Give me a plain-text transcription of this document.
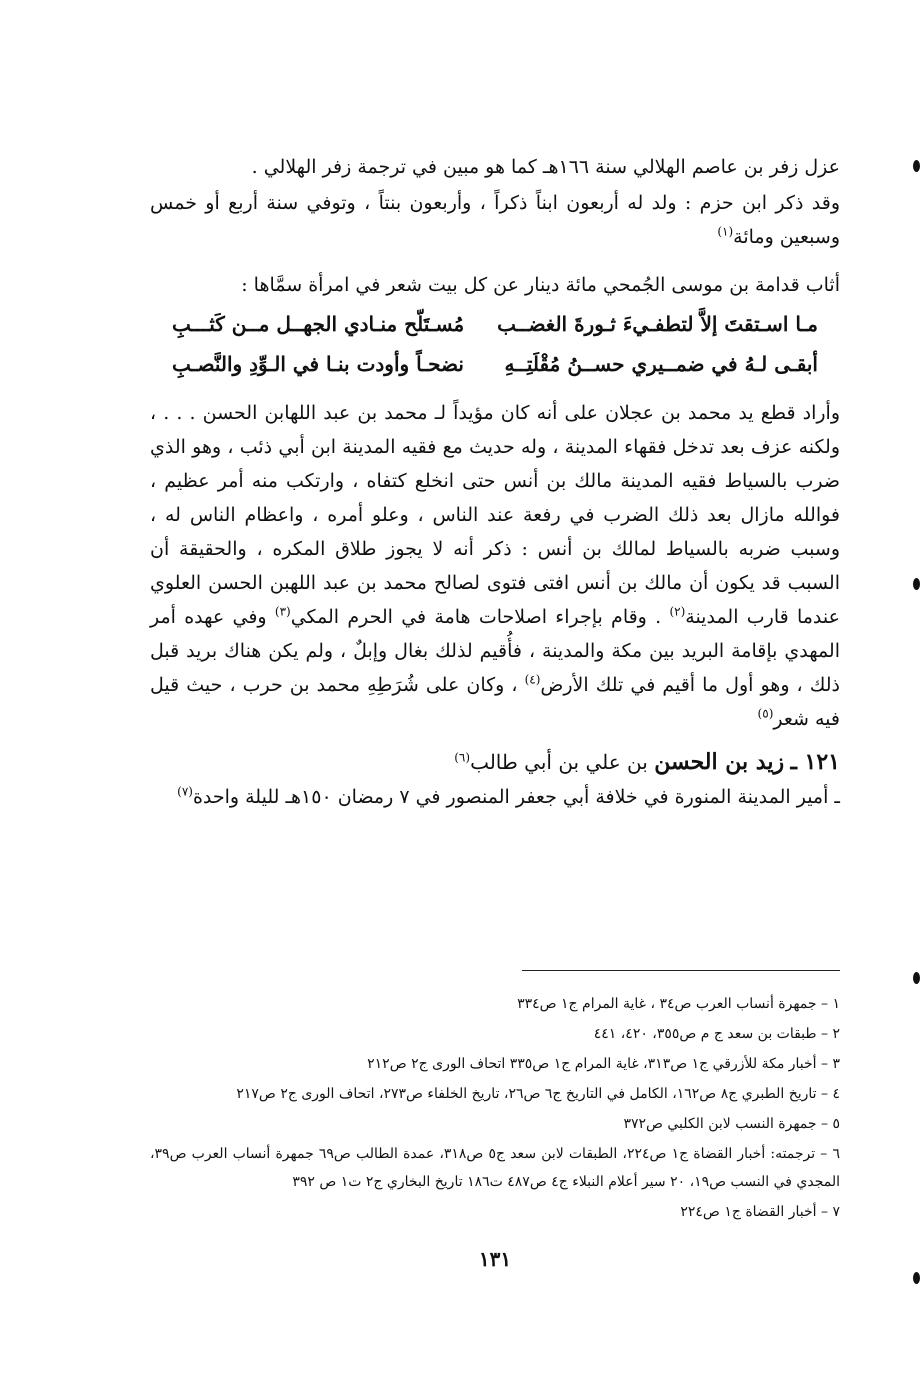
عزل زفر بن عاصم الهلالي سنة ١٦٦هـ كما هو مبين في ترجمة زفر الهلالي .

وقد ذكر ابن حزم : ولد له أربعون ابناً ذكراً ، وأربعون بنتاً ، وتوفي سنة أربع أو خمس وسبعين ومائة$^{(١)}$

أثاب قدامة بن موسى الجُمحي مائة دينار عن كل بيت شعر في امرأة سمَّاها :

مـا اسـتقتَ إلاَّ لتطفـيءَ ثـورةَ الغضــب
مُسـتَلّح منـادي الجهــل مــن كَثـــبِ
أبقـى لـهُ في ضمــيري حســنُ مُقْلَتِــهِ
نضحـاً وأودت بنـا في الـوِّدِ والنَّصـبِ

وأراد قطع يد محمد بن عجلان على أنه كان مؤيداً لـ محمد بن عبد اللهابن الحسن . . . ، ولكنه عزف بعد تدخل فقهاء المدينة ، وله حديث مع فقيه المدينة ابن أبي ذئب ، وهو الذي ضرب بالسياط فقيه المدينة مالك بن أنس حتى انخلع كتفاه ، وارتكب منه أمر عظيم ، فوالله مازال بعد ذلك الضرب في رفعة عند الناس ، وعلو أمره ، واعظام الناس له ، وسبب ضربه بالسياط لمالك بن أنس : ذكر أنه لا يجوز طلاق المكره ، والحقيقة أن السبب قد يكون أن مالك بن أنس افتى فتوى لصالح محمد بن عبد اللهبن الحسن العلوي عندما قارب المدينة$^{(٢)}$ . وقام بإجراء اصلاحات هامة في الحرم المكي$^{(٣)}$ وفي عهده أمر المهدي بإقامة البريد بين مكة والمدينة ، فأُقيم لذلك بغال وإبلٌ ، ولم يكن هناك بريد قبل ذلك ، وهو أول ما أقيم في تلك الأرض$^{(٤)}$ ، وكان على شُرَطِهِ محمد بن حرب ، حيث قيل فيه شعر$^{(٥)}$

١٢١ ـ زيد بن الحسن بن علي بن أبي طالب$^{(٦)}$

ـ أمير المدينة المنورة في خلافة أبي جعفر المنصور في ٧ رمضان ١٥٠هـ لليلة واحدة$^{(٧)}$

١ – جمهرة أنساب العرب ص٣٤ ، غاية المرام ج١ ص٣٣٤

٢ – طبقات بن سعد ج م ص٣٥٥، ٤٢٠، ٤٤١

٣ – أخبار مكة للأزرقي ج١ ص٣١٣، غاية المرام ج١ ص٣٣٥ اتحاف الورى ج٢ ص٢١٢

٤ – تاريخ الطبري ج٨ ص١٦٢، الكامل في التاريخ ج٦ ص٢٦، تاريخ الخلفاء ص٢٧٣، اتحاف الورى ج٢ ص٢١٧

٥ – جمهرة النسب لابن الكلبي ص٣٧٢

٦ – ترجمته: أخبار القضاة ج١ ص٢٢٤، الطبقات لابن سعد ج٥ ص٣١٨، عمدة الطالب ص٦٩ جمهرة أنساب العرب ص٣٩، المجدي في النسب ص١٩، ٢٠ سير أعلام النبلاء ج٤ ص٤٨٧ ت١٨٦ تاريخ البخاري ج٢ ت١ ص ٣٩٢

٧ – أخبار القضاة ج١ ص٢٢٤

١٣١
